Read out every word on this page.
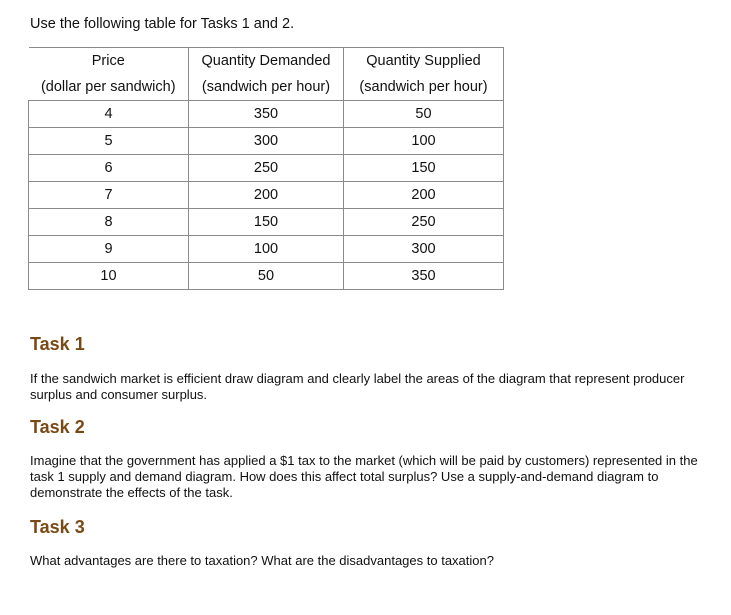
Use the following table for Tasks 1 and 2.

Price	Quantity Demanded	Quantity Supplied
(dollar per sandwich)	(sandwich per hour)	(sandwich per hour)
4	350	50
5	300	100
6	250	150
7	200	200
8	150	250
9	100	300
10	50	350
Task 1

If the sandwich market is efficient draw diagram and clearly label the areas of the diagram that represent producer surplus and consumer surplus.

Task 2

Imagine that the government has applied a $1 tax to the market (which will be paid by customers) represented in the task 1 supply and demand diagram. How does this affect total surplus? Use a supply-and-demand diagram to demonstrate the effects of the task.

Task 3

What advantages are there to taxation? What are the disadvantages to taxation?
